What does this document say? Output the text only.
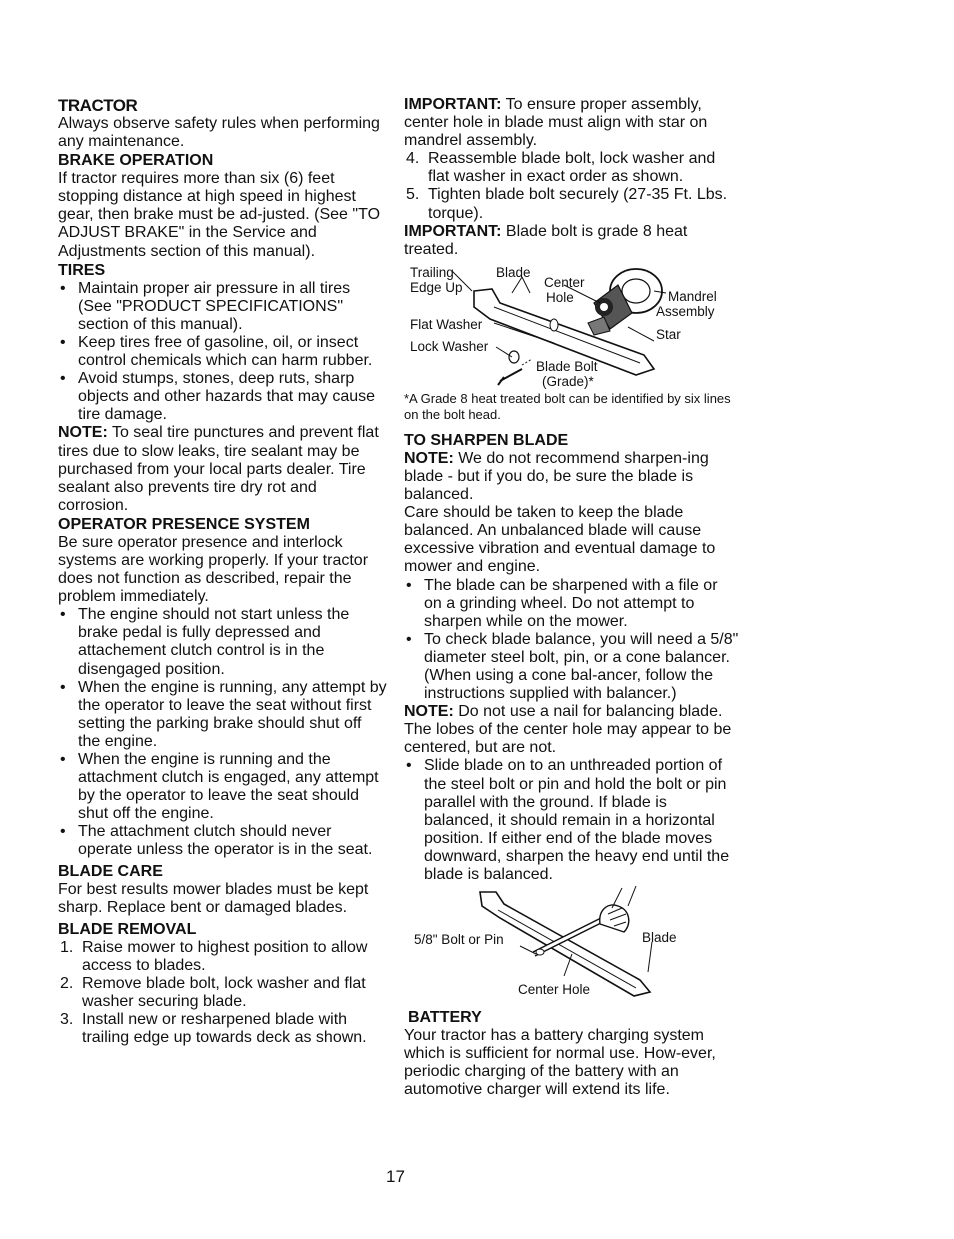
TRACTOR

Always observe safety rules when performing any maintenance.

BRAKE OPERATION

If tractor requires more than six (6) feet stopping distance at high speed in highest gear, then brake must be ad-justed. (See "TO ADJUST BRAKE" in the Service and Adjustments section of this manual).

TIRES
• Maintain proper air pressure in all tires (See "PRODUCT SPECIFICATIONS" section of this manual).
• Keep tires free of gasoline, oil, or insect control chemicals which can harm rubber.
• Avoid stumps, stones, deep ruts, sharp objects and other hazards that may cause tire damage.

NOTE: To seal tire punctures and prevent flat tires due to slow leaks, tire sealant may be purchased from your local parts dealer. Tire sealant also prevents tire dry rot and corrosion.

OPERATOR PRESENCE SYSTEM

Be sure operator presence and interlock systems are working properly. If your tractor does not function as described, repair the problem immediately.

• The engine should not start unless the brake pedal is fully depressed and attachement clutch control is in the disengaged position.
• When the engine is running, any attempt by the operator to leave the seat without first setting the parking brake should shut off the engine.
• When the engine is running and the attachment clutch is engaged, any attempt by the operator to leave the seat should shut off the engine.
• The attachment clutch should never operate unless the operator is in the seat.
BLADE CARE

For best results mower blades must be kept sharp. Replace bent or damaged blades.

BLADE REMOVAL
1. Raise mower to highest position to allow access to blades.
2. Remove blade bolt, lock washer and flat washer securing blade.
3. Install new or resharpened blade with trailing edge up towards deck as shown.

IMPORTANT: To ensure proper assembly, center hole in blade must align with star on mandrel assembly.

4. Reassemble blade bolt, lock washer and flat washer in exact order as shown.
5. Tighten blade bolt securely (27-35 Ft. Lbs. torque).

IMPORTANT: Blade bolt is grade 8 heat treated.

Trailing
Edge Up
Blade
Center
Hole	Mandrel
Assembly
Flat Washer
Star
Lock Washer
Blade Bolt
(Grade)*

*A Grade 8 heat treated bolt can be identified by six lines on the bolt head.

TO SHARPEN BLADE

NOTE: We do not recommend sharpen-ing blade - but if you do, be sure the blade is balanced.

Care should be taken to keep the blade balanced. An unbalanced blade will cause excessive vibration and eventual damage to mower and engine.

• The blade can be sharpened with a file or on a grinding wheel. Do not attempt to sharpen while on the mower.
• To check blade balance, you will need a 5/8" diameter steel bolt, pin, or a cone balancer. (When using a cone bal-ancer, follow the instructions supplied with balancer.)

NOTE: Do not use a nail for balancing blade. The lobes of the center hole may appear to be centered, but are not.

• Slide blade on to an unthreaded portion of the steel bolt or pin and hold the bolt or pin parallel with the ground. If blade is balanced, it should remain in a horizontal position. If either end of the blade moves downward, sharpen the heavy end until the blade is balanced.
5/8" Bolt or Pin	Blade
Center Hole
BATTERY

Your tractor has a battery charging system which is sufficient for normal use. How-ever, periodic charging of the battery with an automotive charger will extend its life.

17
